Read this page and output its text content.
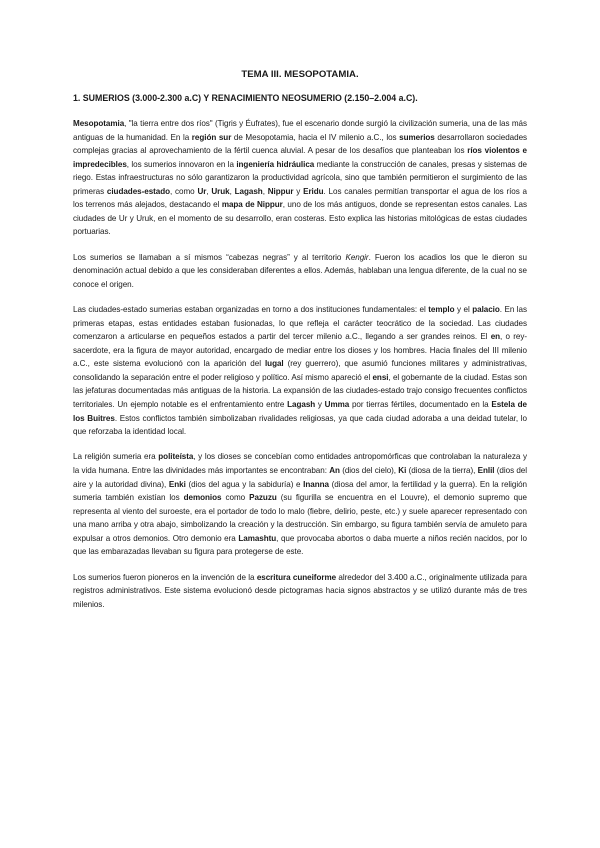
TEMA III. MESOPOTAMIA.
1. SUMERIOS (3.000-2.300 a.C) Y RENACIMIENTO NEOSUMERIO (2.150–2.004 a.C).

Mesopotamia, "la tierra entre dos ríos" (Tigris y Éufrates), fue el escenario donde surgió la civilización sumeria, una de las más antiguas de la humanidad. En la región sur de Mesopotamia, hacia el IV milenio a.C., los sumerios desarrollaron sociedades complejas gracias al aprovechamiento de la fértil cuenca aluvial. A pesar de los desafíos que planteaban los ríos violentos e impredecibles, los sumerios innovaron en la ingeniería hidráulica mediante la construcción de canales, presas y sistemas de riego. Estas infraestructuras no sólo garantizaron la productividad agrícola, sino que también permitieron el surgimiento de las primeras ciudades-estado, como Ur, Uruk, Lagash, Nippur y Eridu. Los canales permitían transportar el agua de los ríos a los terrenos más alejados, destacando el mapa de Nippur, uno de los más antiguos, donde se representan estos canales. Las ciudades de Ur y Uruk, en el momento de su desarrollo, eran costeras. Esto explica las historias mitológicas de estas ciudades portuarias.

Los sumerios se llamaban a sí mismos “cabezas negras” y al territorio Kengir. Fueron los acadios los que le dieron su denominación actual debido a que les consideraban diferentes a ellos. Además, hablaban una lengua diferente, de la cual no se conoce el origen.

Las ciudades-estado sumerias estaban organizadas en torno a dos instituciones fundamentales: el templo y el palacio. En las primeras etapas, estas entidades estaban fusionadas, lo que refleja el carácter teocrático de la sociedad. Las ciudades comenzaron a articularse en pequeños estados a partir del tercer milenio a.C., llegando a ser grandes reinos. El en, o rey-sacerdote, era la figura de mayor autoridad, encargado de mediar entre los dioses y los hombres. Hacia finales del III milenio a.C., este sistema evolucionó con la aparición del lugal (rey guerrero), que asumió funciones militares y administrativas, consolidando la separación entre el poder religioso y político. Así mismo apareció el ensi, el gobernante de la ciudad. Estas son las jefaturas documentadas más antiguas de la historia. La expansión de las ciudades-estado trajo consigo frecuentes conflictos territoriales. Un ejemplo notable es el enfrentamiento entre Lagash y Umma por tierras fértiles, documentado en la Estela de los Buitres. Estos conflictos también simbolizaban rivalidades religiosas, ya que cada ciudad adoraba a una deidad tutelar, lo que reforzaba la identidad local.

La religión sumeria era politeísta, y los dioses se concebían como entidades antropomórficas que controlaban la naturaleza y la vida humana. Entre las divinidades más importantes se encontraban: An (dios del cielo), Ki (diosa de la tierra), Enlil (dios del aire y la autoridad divina), Enki (dios del agua y la sabiduría) e Inanna (diosa del amor, la fertilidad y la guerra). En la religión sumeria también existían los demonios como Pazuzu (su figurilla se encuentra en el Louvre), el demonio supremo que representa al viento del suroeste, era el portador de todo lo malo (fiebre, delirio, peste, etc.) y suele aparecer representado con una mano arriba y otra abajo, simbolizando la creación y la destrucción. Sin embargo, su figura también servía de amuleto para expulsar a otros demonios. Otro demonio era Lamashtu, que provocaba abortos o daba muerte a niños recién nacidos, por lo que las embarazadas llevaban su figura para protegerse de este.

Los sumerios fueron pioneros en la invención de la escritura cuneiforme alrededor del 3.400 a.C., originalmente utilizada para registros administrativos. Este sistema evolucionó desde pictogramas hacia signos abstractos y se utilizó durante más de tres milenios.
